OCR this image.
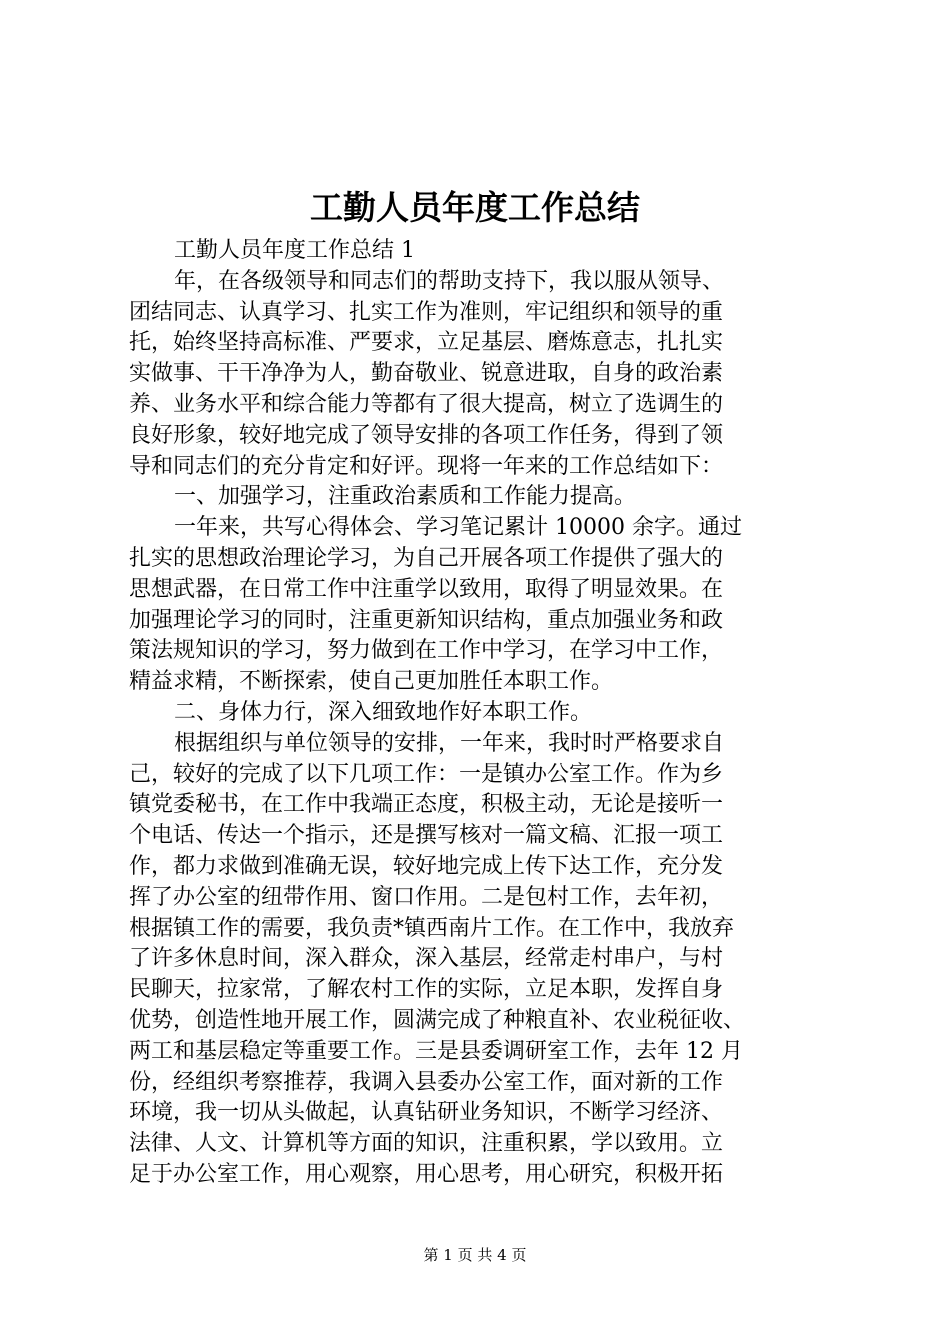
工勤人员年度工作总结
工勤人员年度工作总结 1
年，在各级领导和同志们的帮助支持下，我以服从领导、
团结同志、认真学习、扎实工作为准则，牢记组织和领导的重
托，始终坚持高标准、严要求，立足基层、磨炼意志，扎扎实
实做事、干干净净为人，勤奋敬业、锐意进取，自身的政治素
养、业务水平和综合能力等都有了很大提高，树立了选调生的
良好形象，较好地完成了领导安排的各项工作任务，得到了领
导和同志们的充分肯定和好评。现将一年来的工作总结如下：
一、加强学习，注重政治素质和工作能力提高。
一年来，共写心得体会、学习笔记累计 10000 余字。通过
扎实的思想政治理论学习，为自己开展各项工作提供了强大的
思想武器，在日常工作中注重学以致用，取得了明显效果。在
加强理论学习的同时，注重更新知识结构，重点加强业务和政
策法规知识的学习，努力做到在工作中学习，在学习中工作，
精益求精，不断探索，使自己更加胜任本职工作。
二、身体力行，深入细致地作好本职工作。
根据组织与单位领导的安排，一年来，我时时严格要求自
己，较好的完成了以下几项工作：一是镇办公室工作。作为乡
镇党委秘书，在工作中我端正态度，积极主动，无论是接听一
个电话、传达一个指示，还是撰写核对一篇文稿、汇报一项工
作，都力求做到准确无误，较好地完成上传下达工作，充分发
挥了办公室的纽带作用、窗口作用。二是包村工作，去年初，
根据镇工作的需要，我负责*镇西南片工作。在工作中，我放弃
了许多休息时间，深入群众，深入基层，经常走村串户，与村
民聊天，拉家常，了解农村工作的实际，立足本职，发挥自身
优势，创造性地开展工作，圆满完成了种粮直补、农业税征收、
两工和基层稳定等重要工作。三是县委调研室工作，去年 12 月
份，经组织考察推荐，我调入县委办公室工作，面对新的工作
环境，我一切从头做起，认真钻研业务知识，不断学习经济、
法律、人文、计算机等方面的知识，注重积累，学以致用。立
足于办公室工作，用心观察，用心思考，用心研究，积极开拓
第 1 页 共 4 页
